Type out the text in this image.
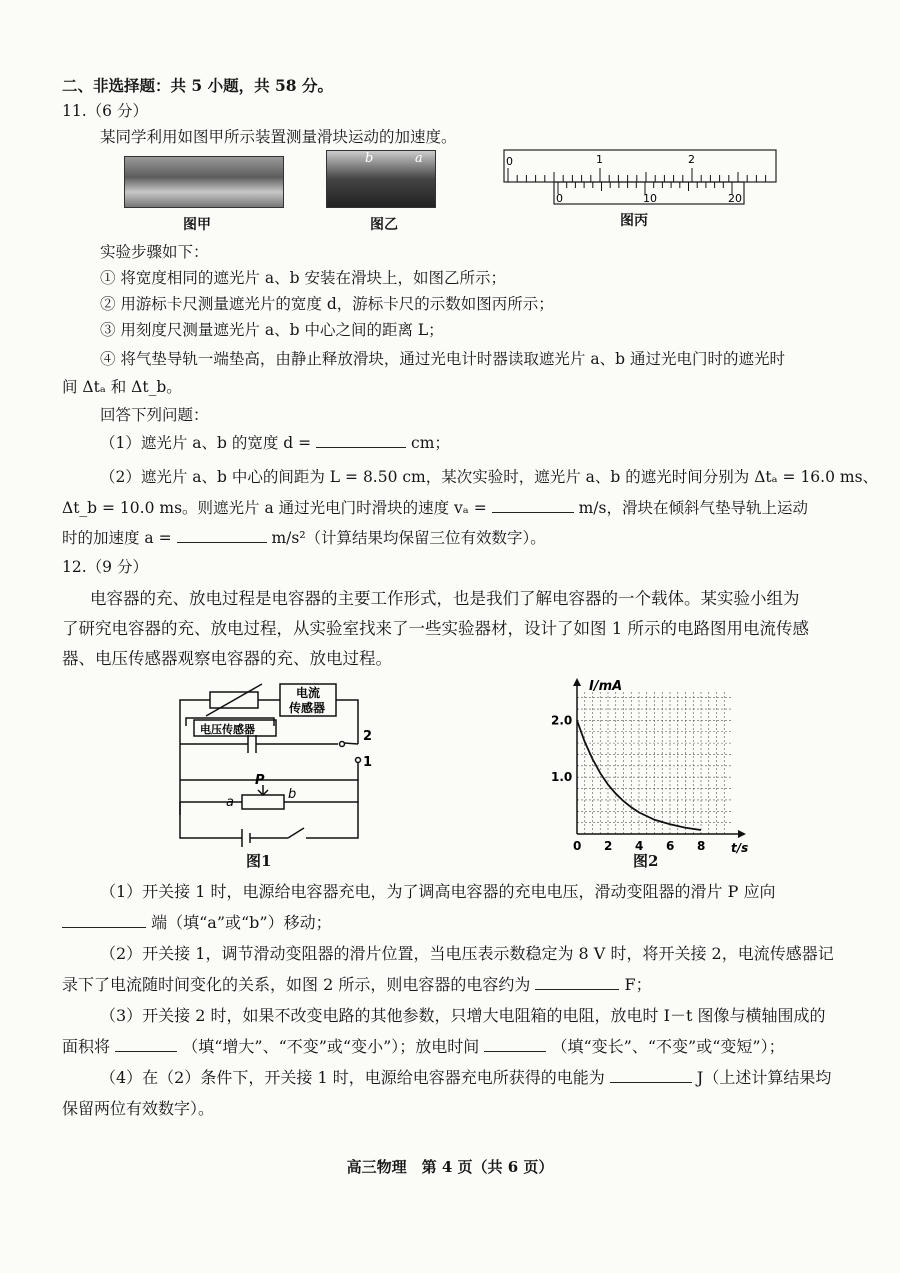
二、非选择题：共 5 小题，共 58 分。
11.（6 分）
某同学利用如图甲所示装置测量滑块运动的加速度。
图甲
b	a
图乙
0	1	2
0	10	20
图丙
实验步骤如下：
① 将宽度相同的遮光片 a、b 安装在滑块上，如图乙所示；
② 用游标卡尺测量遮光片的宽度 d，游标卡尺的示数如图丙所示；
③ 用刻度尺测量遮光片 a、b 中心之间的距离 L；
④ 将气垫导轨一端垫高，由静止释放滑块，通过光电计时器读取遮光片 a、b 通过光电门时的遮光时
间 Δtₐ 和 Δt_b。
回答下列问题：
（1）遮光片 a、b 的宽度 d =	cm；
（2）遮光片 a、b 中心的间距为 L = 8.50 cm，某次实验时，遮光片 a、b 的遮光时间分别为 Δtₐ = 16.0 ms、
Δt_b = 10.0 ms。则遮光片 a 通过光电门时滑块的速度 vₐ =	m/s，滑块在倾斜气垫导轨上运动
时的加速度 a =	m/s²（计算结果均保留三位有效数字）。
12.（9 分）
电容器的充、放电过程是电容器的主要工作形式，也是我们了解电容器的一个载体。某实验小组为
了研究电容器的充、放电过程，从实验室找来了一些实验器材，设计了如图 1 所示的电路图用电流传感
器、电压传感器观察电容器的充、放电过程。
电流
传感器
电压传感器
a
P
b
2
1
图1
2.0
1.0
0 2 4 6 8
I/mA
t/s
图2
（1）开关接 1 时，电源给电容器充电，为了调高电容器的充电电压，滑动变阻器的滑片 P 应向
端（填“a”或“b”）移动；
（2）开关接 1，调节滑动变阻器的滑片位置，当电压表示数稳定为 8 V 时，将开关接 2，电流传感器记
录下了电流随时间变化的关系，如图 2 所示，则电容器的电容约为	F；
（3）开关接 2 时，如果不改变电路的其他参数，只增大电阻箱的电阻，放电时 I－t 图像与横轴围成的
面积将	（填“增大”、“不变”或“变小”）；放电时间	（填“变长”、“不变”或“变短”）；
（4）在（2）条件下，开关接 1 时，电源给电容器充电所获得的电能为	J（上述计算结果均
保留两位有效数字）。
高三物理　第 4 页（共 6 页）
